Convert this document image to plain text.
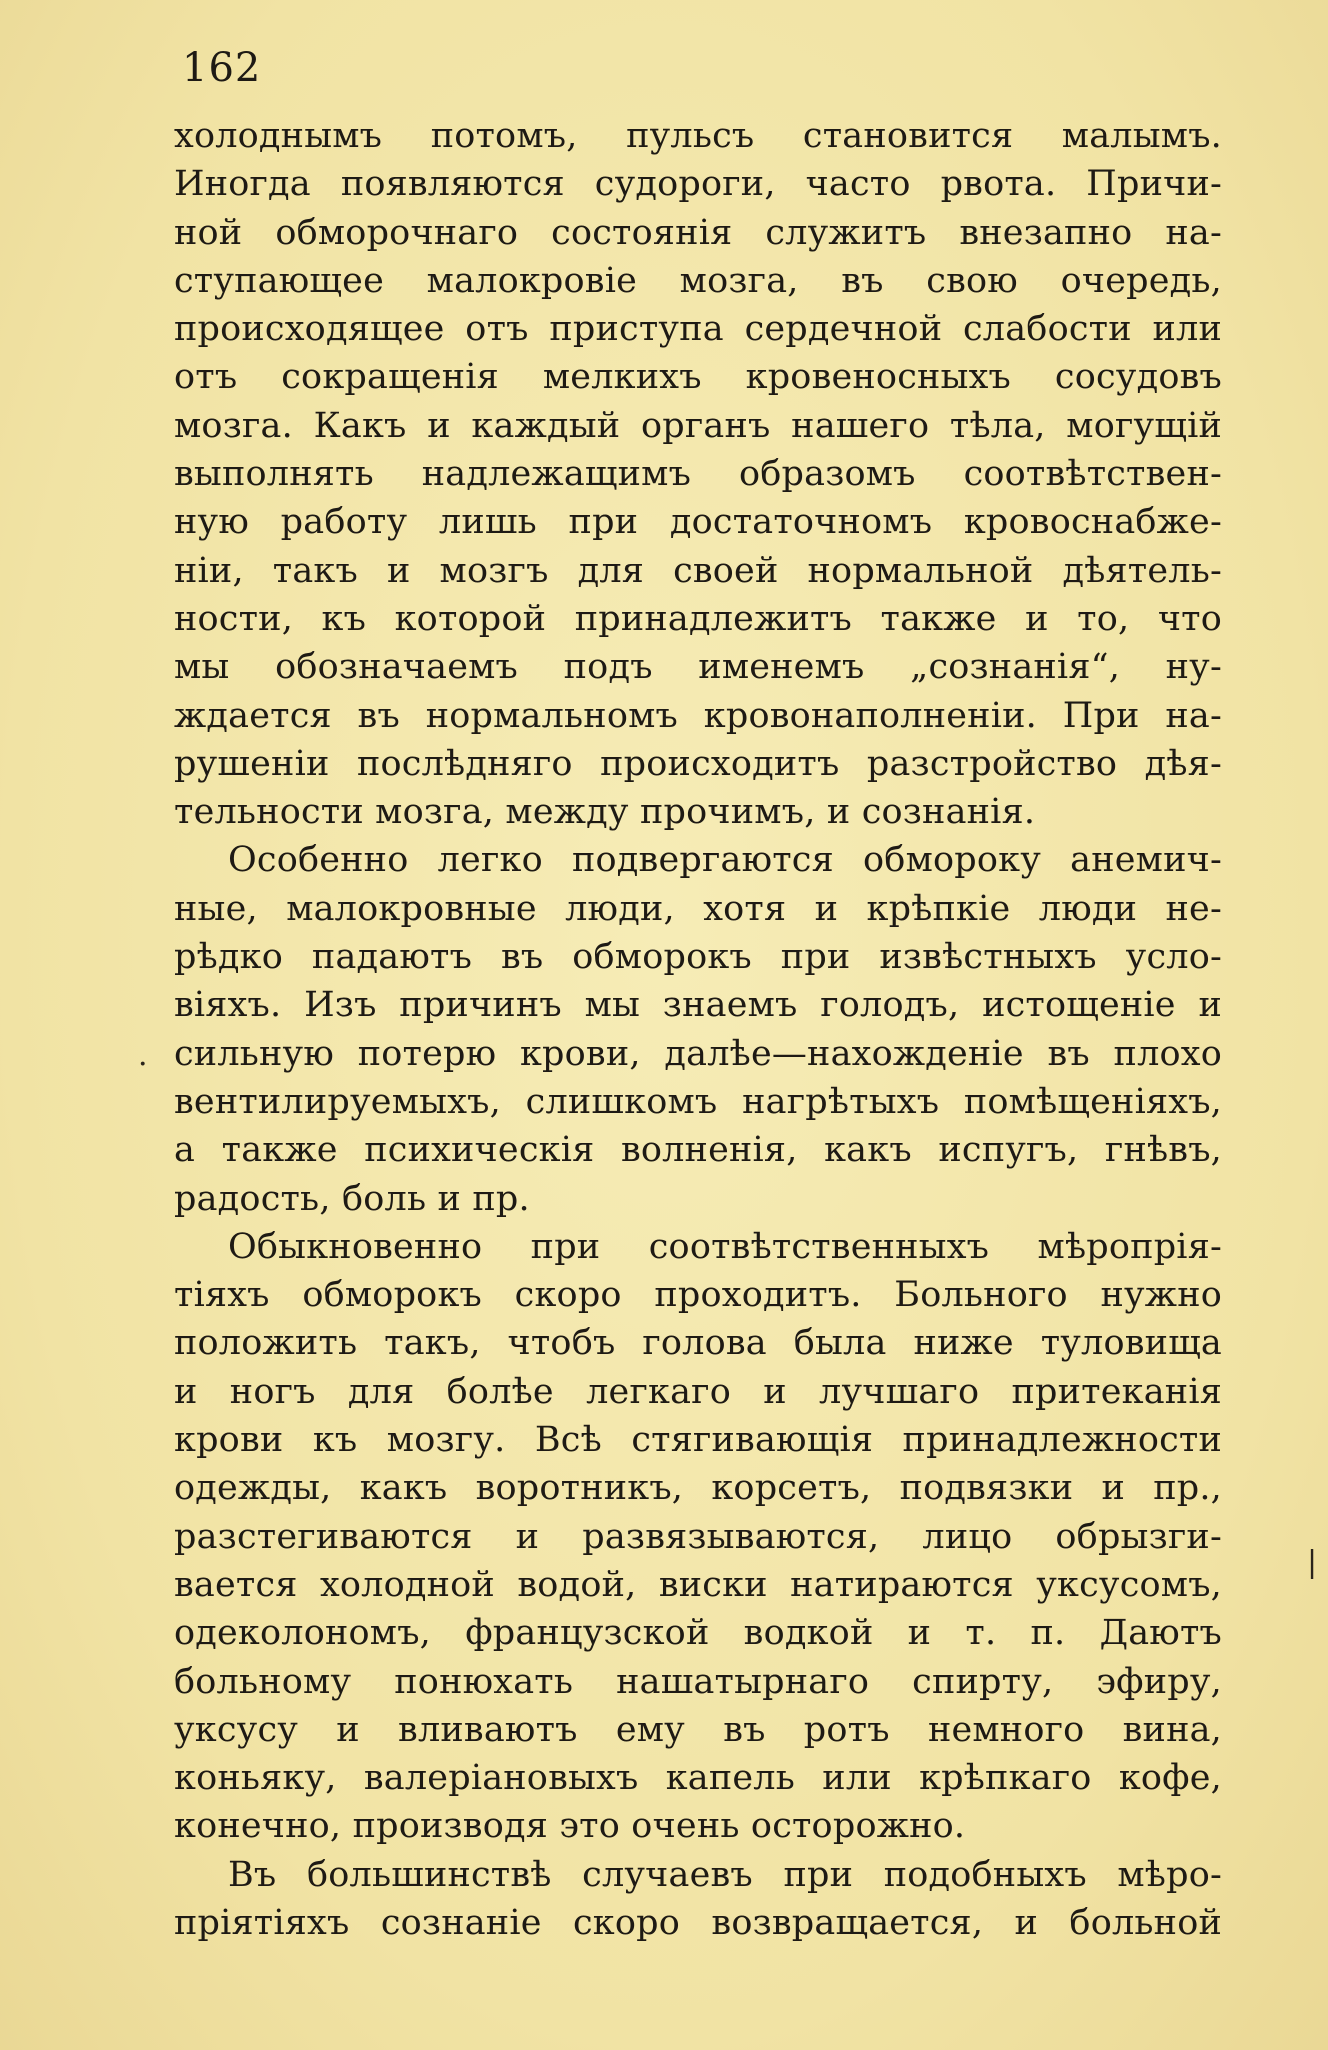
162
холоднымъ потомъ, пульсъ становится малымъ.
Иногда появляются судороги, часто рвота. Причи-
ной обморочнаго состоянія служитъ внезапно на-
ступающее малокровіе мозга, въ свою очередь,
происходящее отъ приступа сердечной слабости или
отъ сокращенія мелкихъ кровеносныхъ сосудовъ
мозга. Какъ и каждый органъ нашего тѣла, могущій
выполнять надлежащимъ образомъ соотвѣтствен-
ную работу лишь при достаточномъ кровоснабже-
ніи, такъ и мозгъ для своей нормальной дѣятель-
ности, къ которой принадлежитъ также и то, что
мы обозначаемъ подъ именемъ „сознанія“, ну-
ждается въ нормальномъ кровонаполненіи. При на-
рушеніи послѣдняго происходитъ разстройство дѣя-
тельности мозга, между прочимъ, и сознанія.
Особенно легко подвергаются обмороку анемич-
ные, малокровные люди, хотя и крѣпкіе люди не-
рѣдко падаютъ въ обморокъ при извѣстныхъ усло-
віяхъ. Изъ причинъ мы знаемъ голодъ, истощеніе и
сильную потерю крови, далѣе—нахожденіе въ плохо
вентилируемыхъ, слишкомъ нагрѣтыхъ помѣщеніяхъ,
а также психическія волненія, какъ испугъ, гнѣвъ,
радость, боль и пр.
Обыкновенно при соотвѣтственныхъ мѣропрія-
тіяхъ обморокъ скоро проходитъ. Больного нужно
положить такъ, чтобъ голова была ниже туловища
и ногъ для болѣе легкаго и лучшаго притеканія
крови къ мозгу. Всѣ стягивающія принадлежности
одежды, какъ воротникъ, корсетъ, подвязки и пр.,
разстегиваются и развязываются, лицо обрызги-
вается холодной водой, виски натираются уксусомъ,
одеколономъ, французской водкой и т. п. Даютъ
больному понюхать нашатырнаго спирту, эфиру,
уксусу и вливаютъ ему въ ротъ немного вина,
коньяку, валеріановыхъ капель или крѣпкаго кофе,
конечно, производя это очень осторожно.
Въ большинствѣ случаевъ при подобныхъ мѣро-
пріятіяхъ сознаніе скоро возвращается, и больной
·
|
